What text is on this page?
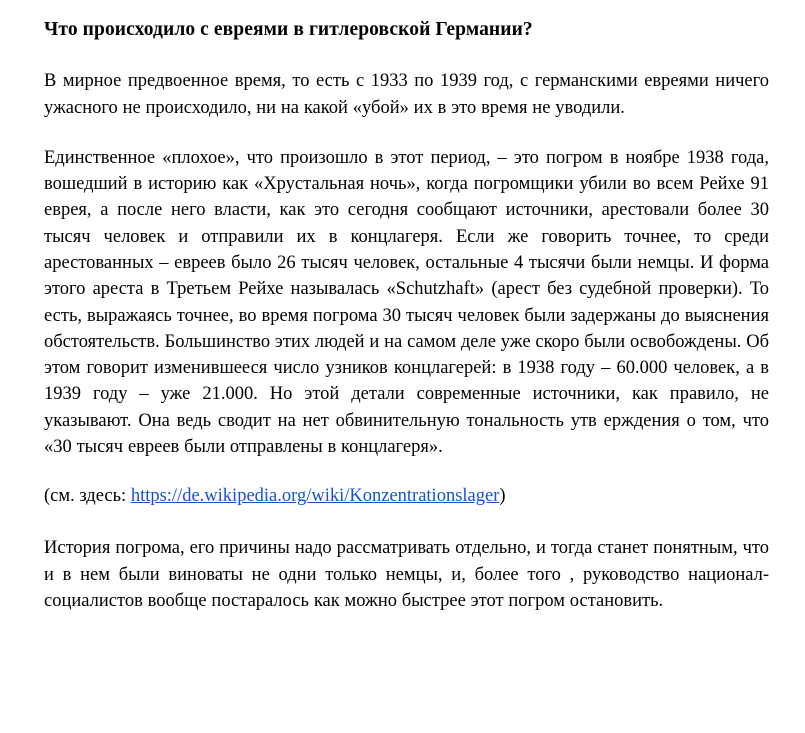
Что происходило с евреями в гитлеровской Германии?

В мирное предвоенное время, то есть с 1933 по 1939 год, с германскими евреями ничего ужасного не происходило, ни на какой «убой» их в это время не уводили.

Единственное «плохое», что произошло в этот период, – это погром в ноябре 1938 года, вошедший в историю как «Хрустальная ночь», когда погромщики убили во всем Рейхе 91 еврея, а после него власти, как это сегодня сообщают источники, арестовали более 30 тысяч человек и отправили их в концлагеря. Если же говорить точнее, то среди арестованных – евреев было 26 тысяч человек, остальные 4 тысячи были немцы. И форма этого ареста в Третьем Рейхе называлась «Schutzhaft» (арест без судебной проверки). То есть, выражаясь точнее, во время погрома 30 тысяч человек были задержаны до выяснения обстоятельств. Большинство этих людей и на самом деле уже скоро были освобождены. Об этом говорит изменившееся число узников концлагерей: в 1938 году – 60.000 человек, а в 1939 году – уже 21.000. Но этой детали современные источники, как правило, не указывают. Она ведь сводит на нет обвинительную тональность утв ерждения о том, что «30 тысяч евреев были отправлены в концлагеря».

(см. здесь: https://de.wikipedia.org/wiki/Konzentrationslager)

История погрома, его причины надо рассматривать отдельно, и тогда станет понятным, что и в нем были виноваты не одни только немцы, и, более того , руководство национал-социалистов вообще постаралось как можно быстрее этот погром остановить.
